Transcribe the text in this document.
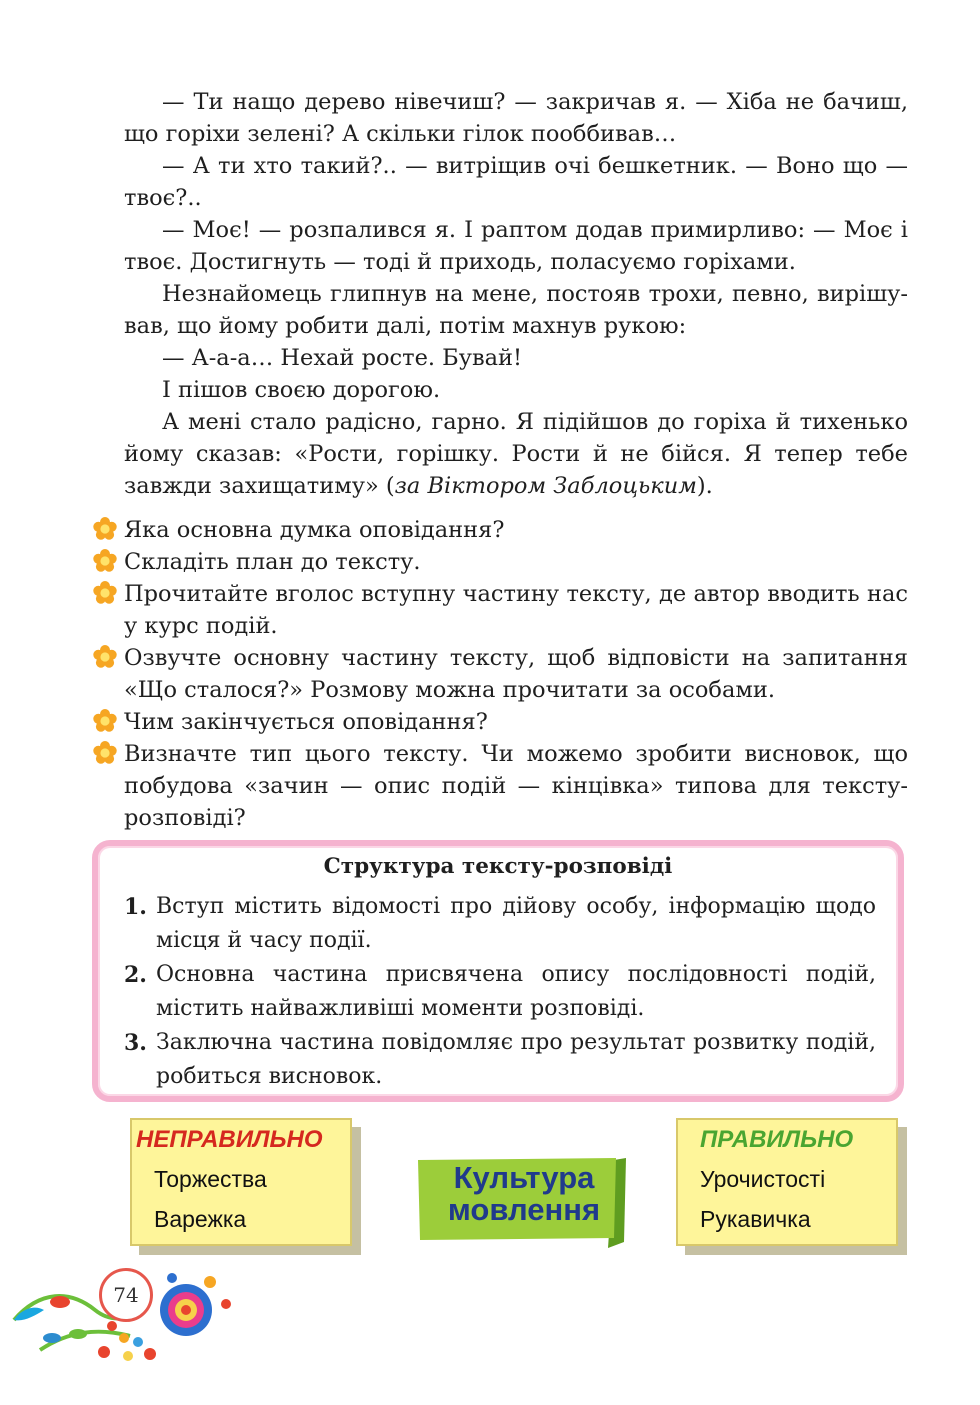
— Ти нащо дерево нівечиш? — закричав я. — Хіба не бачиш, що горіхи зелені? А скільки гілок пооббивав…

— А ти хто такий?.. — витріщив очі бешкетник. — Воно що — твоє?..

— Моє! — розпалився я. І раптом додав примирливо: — Моє і твоє. Достигнуть — тоді й приходь, поласуємо горіхами.

Незнайомець глипнув на мене, постояв трохи, певно, вирішував, що йому робити далі, потім махнув рукою:

— А-а-а… Нехай росте. Бувай!

І пішов своєю дорогою.

А мені стало радісно, гарно. Я підійшов до горіха й тихенько йому сказав: «Рости, горішку. Рости й не бійся. Я тепер тебе завжди захищатиму» (за Віктором Заблоцьким).

Яка основна думка оповідання?
Складіть план до тексту.
Прочитайте вголос вступну частину тексту, де автор вводить нас у курс подій.
Озвучте основну частину тексту, щоб відповісти на запитання «Що сталося?» Розмову можна прочитати за особами.
Чим закінчується оповідання?
Визначте тип цього тексту. Чи можемо зробити висновок, що побудова «зачин — опис подій — кінцівка» типова для тексту-розповіді?
Структура тексту-розповіді
1. Вступ містить відомості про дійову особу, інформацію щодо місця й часу події.
2. Основна частина присвячена опису послідовності подій, містить найважливіші моменти розповіді.
3. Заключна частина повідомляє про результат розвитку подій, робиться висновок.
НЕПРАВИЛЬНО
Торжества
Варежка
Культура
мовлення
ПРАВИЛЬНО
Урочистості
Рукавичка
74
